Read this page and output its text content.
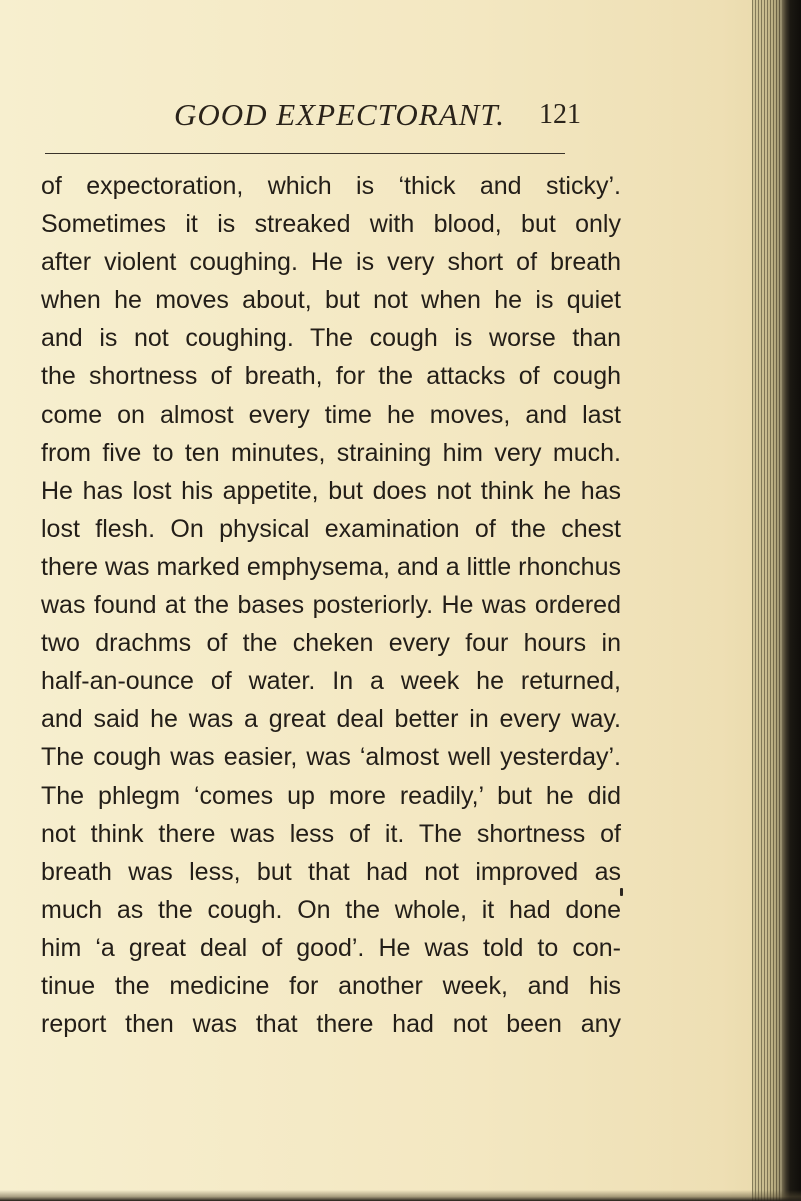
GOOD EXPECTORANT. 121
of expectoration, which is ‘thick and sticky’.
Sometimes it is streaked with blood, but only
after violent coughing. He is very short of breath
when he moves about, but not when he is quiet
and is not coughing. The cough is worse than
the shortness of breath, for the attacks of cough
come on almost every time he moves, and last
from five to ten minutes, straining him very much.
He has lost his appetite, but does not think he has
lost flesh. On physical examination of the chest
there was marked emphysema, and a little rhonchus
was found at the bases posteriorly. He was ordered
two drachms of the cheken every four hours in
half-an-ounce of water. In a week he returned,
and said he was a great deal better in every way.
The cough was easier, was ‘almost well yesterday’.
The phlegm ‘comes up more readily,’ but he did
not think there was less of it. The shortness of
breath was less, but that had not improved as
much as the cough. On the whole, it had done
him ‘a great deal of good’. He was told to con-
tinue the medicine for another week, and his
report then was that there had not been any
